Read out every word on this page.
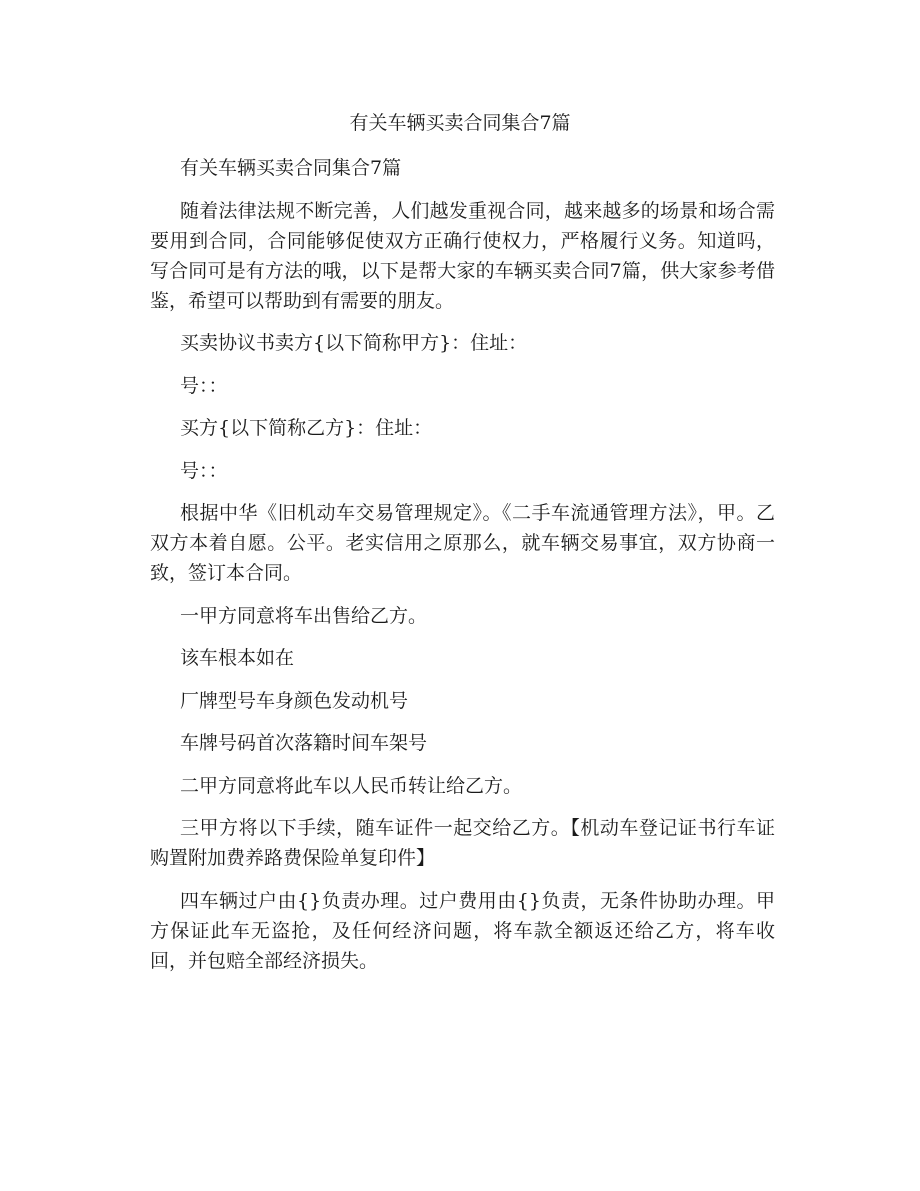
有关车辆买卖合同集合7篇

有关车辆买卖合同集合7篇

随着法律法规不断完善，人们越发重视合同，越来越多的场景和场合需要用到合同，合同能够促使双方正确行使权力，严格履行义务。知道吗，写合同可是有方法的哦，以下是帮大家的车辆买卖合同7篇，供大家参考借鉴，希望可以帮助到有需要的朋友。

买卖协议书卖方{以下简称甲方}：住址：

号：：

买方{以下简称乙方}：住址：

号：：

根据中华《旧机动车交易管理规定》。《二手车流通管理方法》，甲。乙双方本着自愿。公平。老实信用之原那么，就车辆交易事宜，双方协商一致，签订本合同。

一甲方同意将车出售给乙方。

该车根本如在

厂牌型号车身颜色发动机号

车牌号码首次落籍时间车架号

二甲方同意将此车以人民币转让给乙方。

三甲方将以下手续，随车证件一起交给乙方。【机动车登记证书行车证购置附加费养路费保险单复印件】

四车辆过户由{}负责办理。过户费用由{}负责，无条件协助办理。甲方保证此车无盗抢，及任何经济问题，将车款全额返还给乙方，将车收回，并包赔全部经济损失。
